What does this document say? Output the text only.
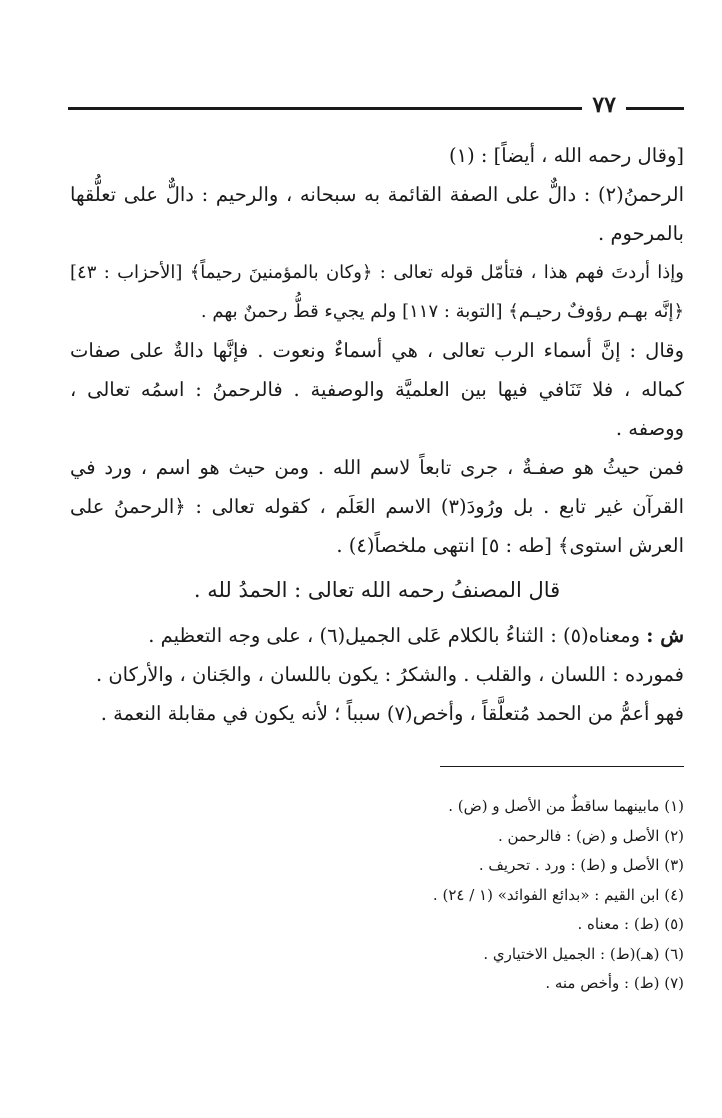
٧٧

[وقال رحمه الله ، أيضاً] : (١)

الرحمنُ(٢) : دالٌّ على الصفة القائمة به سبحانه ، والرحيم : دالٌّ على تعلُّقها بالمرحوم .

وإذا أردتَ فهم هذا ، فتأمّل قوله تعالى : ﴿وكان بالمؤمنينَ رحيماً﴾ [الأحزاب : ٤٣] ﴿إنَّه بهـم رؤوفٌ رحيـم﴾ [التوبة : ١١٧] ولم يجيء قطُّ رحمنٌ بهم .

وقال : إنَّ أسماء الرب تعالى ، هي أسماءٌ ونعوت . فإنَّها دالةٌ على صفات كماله ، فلا تَنَافي فيها بين العلميَّة والوصفية . فالرحمنُ : اسمُه تعالى ، ووصفه .

فمن حيثُ هو صفـةٌ ، جرى تابعاً لاسم الله . ومن حيث هو اسم ، ورد في القرآن غير تابع . بل ورُودَ(٣) الاسم العَلَم ، كقوله تعالى : ﴿الرحمنُ على العرش استوى﴾ [طه : ٥] انتهى ملخصاً(٤) .

قال المصنفُ رحمه الله تعالى : الحمدُ لله .

ش : ومعناه(٥) : الثناءُ بالكلام عَلى الجميل(٦) ، على وجه التعظيم .

فمورده : اللسان ، والقلب . والشكرُ : يكون باللسان ، والجَنان ، والأركان .

فهو أعمُّ من الحمد مُتعلَّقاً ، وأخص(٧) سبباً ؛ لأنه يكون في مقابلة النعمة .

(١) مابينهما ساقطٌ من الأصل و (ض) .
(٢) الأصل و (ض) : فالرحمن .
(٣) الأصل و (ط) : ورد . تحريف .
(٤) ابن القيم : «بدائع الفوائد» (١ / ٢٤) .
(٥) (ط) : معناه .
(٦) (هـ)(ط) : الجميل الاختياري .
(٧) (ط) : وأخص منه .
